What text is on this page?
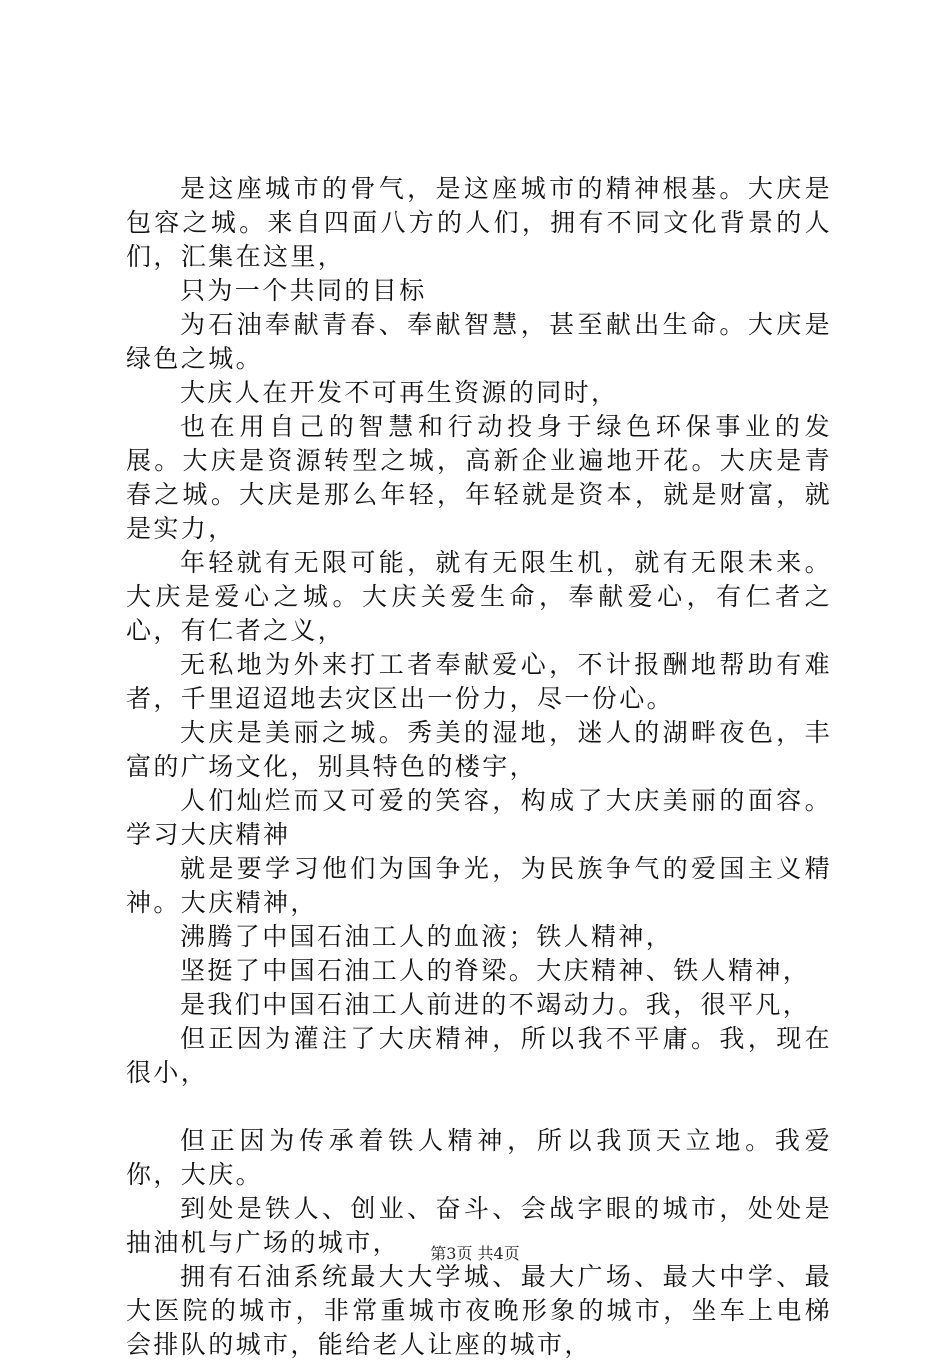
是这座城市的骨气，是这座城市的精神根基。大庆是包容之城。来自四面八方的人们，拥有不同文化背景的人们，汇集在这里，

只为一个共同的目标

为石油奉献青春、奉献智慧，甚至献出生命。大庆是绿色之城。

大庆人在开发不可再生资源的同时，

也在用自己的智慧和行动投身于绿色环保事业的发展。大庆是资源转型之城，高新企业遍地开花。大庆是青春之城。大庆是那么年轻，年轻就是资本，就是财富，就是实力，

年轻就有无限可能，就有无限生机，就有无限未来。大庆是爱心之城。大庆关爱生命，奉献爱心，有仁者之心，有仁者之义，

无私地为外来打工者奉献爱心，不计报酬地帮助有难者，千里迢迢地去灾区出一份力，尽一份心。

大庆是美丽之城。秀美的湿地，迷人的湖畔夜色，丰富的广场文化，别具特色的楼宇，

人们灿烂而又可爱的笑容，构成了大庆美丽的面容。学习大庆精神

就是要学习他们为国争光，为民族争气的爱国主义精神。大庆精神，

沸腾了中国石油工人的血液；铁人精神，

坚挺了中国石油工人的脊梁。大庆精神、铁人精神，

是我们中国石油工人前进的不竭动力。我，很平凡，

但正因为灌注了大庆精神，所以我不平庸。我，现在很小，

但正因为传承着铁人精神，所以我顶天立地。我爱你，大庆。

到处是铁人、创业、奋斗、会战字眼的城市，处处是抽油机与广场的城市，

拥有石油系统最大大学城、最大广场、最大中学、最大医院的城市，非常重城市夜晚形象的城市，坐车上电梯会排队的城市，能给老人让座的城市，

第3页 共4页
